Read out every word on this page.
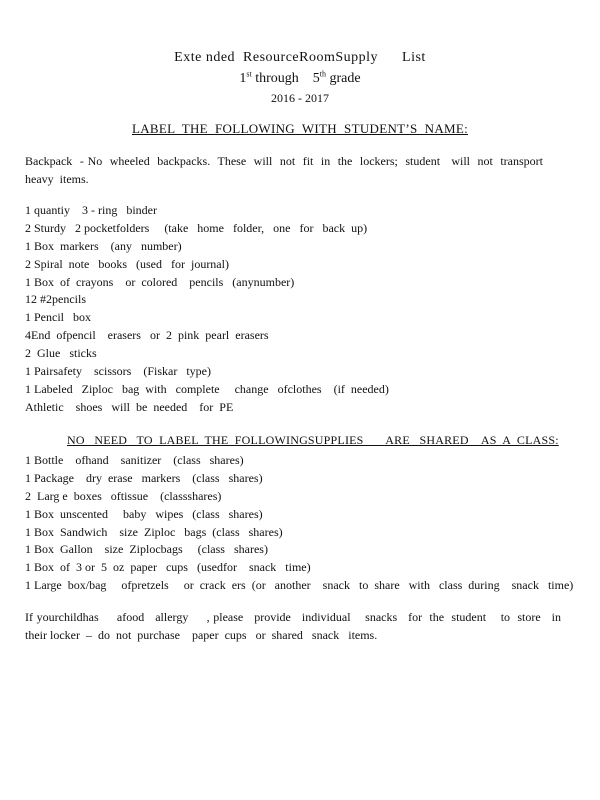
Exte nded  ResourceRoomSupply      List
1st through    5th grade
2016 - 2017
LABEL  THE  FOLLOWING  WITH  STUDENT’S  NAME:
Backpack  - No  wheeled  backpacks.  These  will  not  fit  in  the  lockers;  student   will  not  transport heavy  items.
1 quantiy    3 - ring   binder
2 Sturdy   2 pocketfolders     (take   home   folder,   one   for   back  up)
1 Box  markers    (any   number)
2 Spiral  note   books   (used   for  journal)
1 Box  of  crayons    or  colored    pencils   (anynumber)
12 #2pencils
1 Pencil   box
4End  ofpencil    erasers   or  2  pink  pearl  erasers
2  Glue   sticks
1 Pairsafety    scissors    (Fiskar   type)
1 Labeled   Ziploc   bag  with   complete     change   ofclothes    (if  needed)
Athletic    shoes   will  be  needed    for  PE
NO   NEED   TO  LABEL  THE  FOLLOWINGSUPPLIES       ARE   SHARED    AS  A  CLASS:
1 Bottle    ofhand    sanitizer    (class   shares)
1 Package    dry  erase   markers    (class   shares)
2  Larg e  boxes   oftissue    (classshares)
1 Box  unscented     baby   wipes   (class   shares)
1 Box  Sandwich    size  Ziploc   bags  (class   shares)
1 Box  Gallon    size  Ziplocbags     (class   shares)
1 Box  of  3 or  5  oz  paper   cups   (usedfor    snack   time)
1 Large  box/bag     ofpretzels     or  crack  ers  (or   another    snack   to  share   with   class  during    snack   time)
If yourchildhas     afood   allergy     , please   provide   individual    snacks   for  the  student    to  store   in  their locker  –  do  not  purchase    paper  cups   or  shared   snack   items.
